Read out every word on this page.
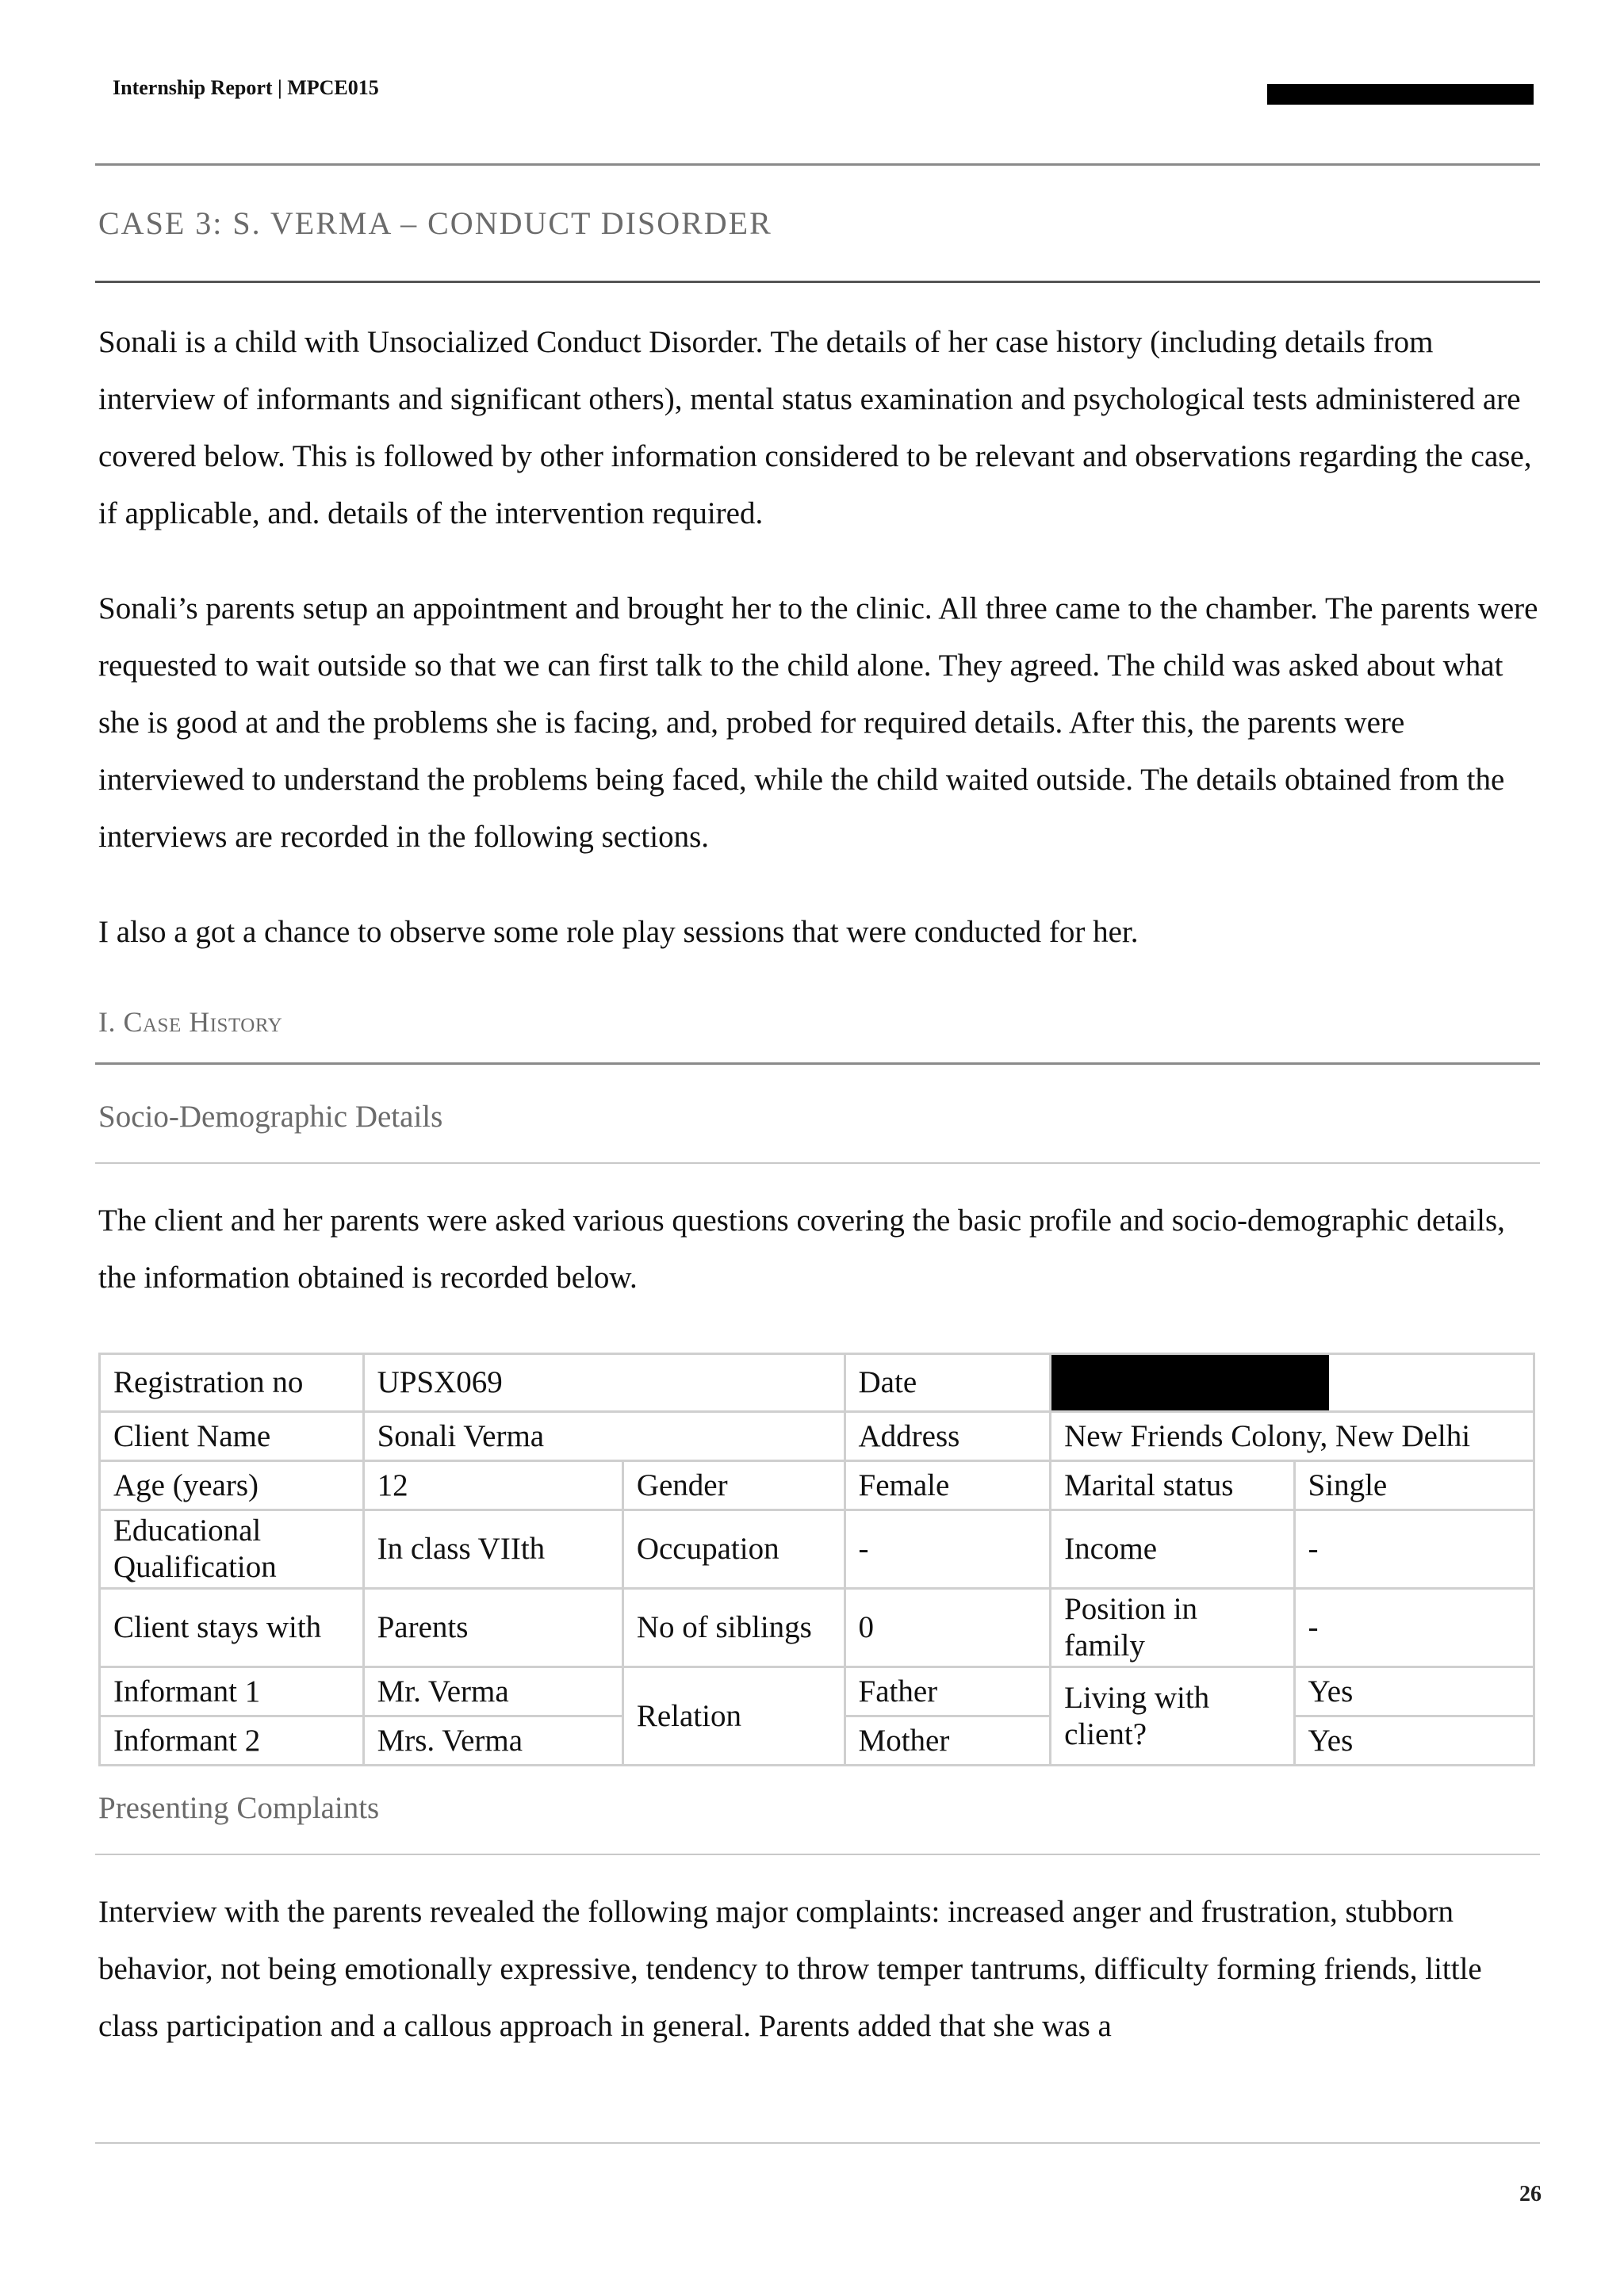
Internship Report | MPCE015
CASE 3: S. VERMA – CONDUCT DISORDER

Sonali is a child with Unsocialized Conduct Disorder. The details of her case history (including details from interview of informants and significant others), mental status examination and psychological tests administered are covered below. This is followed by other information considered to be relevant and observations regarding the case, if applicable, and. details of the intervention required.

Sonali’s parents setup an appointment and brought her to the clinic. All three came to the chamber. The parents were requested to wait outside so that we can first talk to the child alone. They agreed. The child was asked about what she is good at and the problems she is facing, and, probed for required details. After this, the parents were interviewed to understand the problems being faced, while the child waited outside. The details obtained from the interviews are recorded in the following sections.

I also a got a chance to observe some role play sessions that were conducted for her.

I. Case History
Socio-Demographic Details

The client and her parents were asked various questions covering the basic profile and socio-demographic details, the information obtained is recorded below.

Registration no	UPSX069		Date		

Client Name	Sonali Verma		Address	New Friends Colony, New Delhi	
Age (years)	12	Gender	Female	Marital status	Single
Educational Qualification	In class VIIth	Occupation	-	Income	-
Client stays with	Parents	No of siblings	0	Position in family	-
Informant 1	Mr. Verma	Relation	Father	Living with client?	Yes
Informant 2	Mrs. Verma		Mother		Yes
Presenting Complaints

Interview with the parents revealed the following major complaints: increased anger and frustration, stubborn behavior, not being emotionally expressive, tendency to throw temper tantrums, difficulty forming friends, little class participation and a callous approach in general. Parents added that she was a

26
